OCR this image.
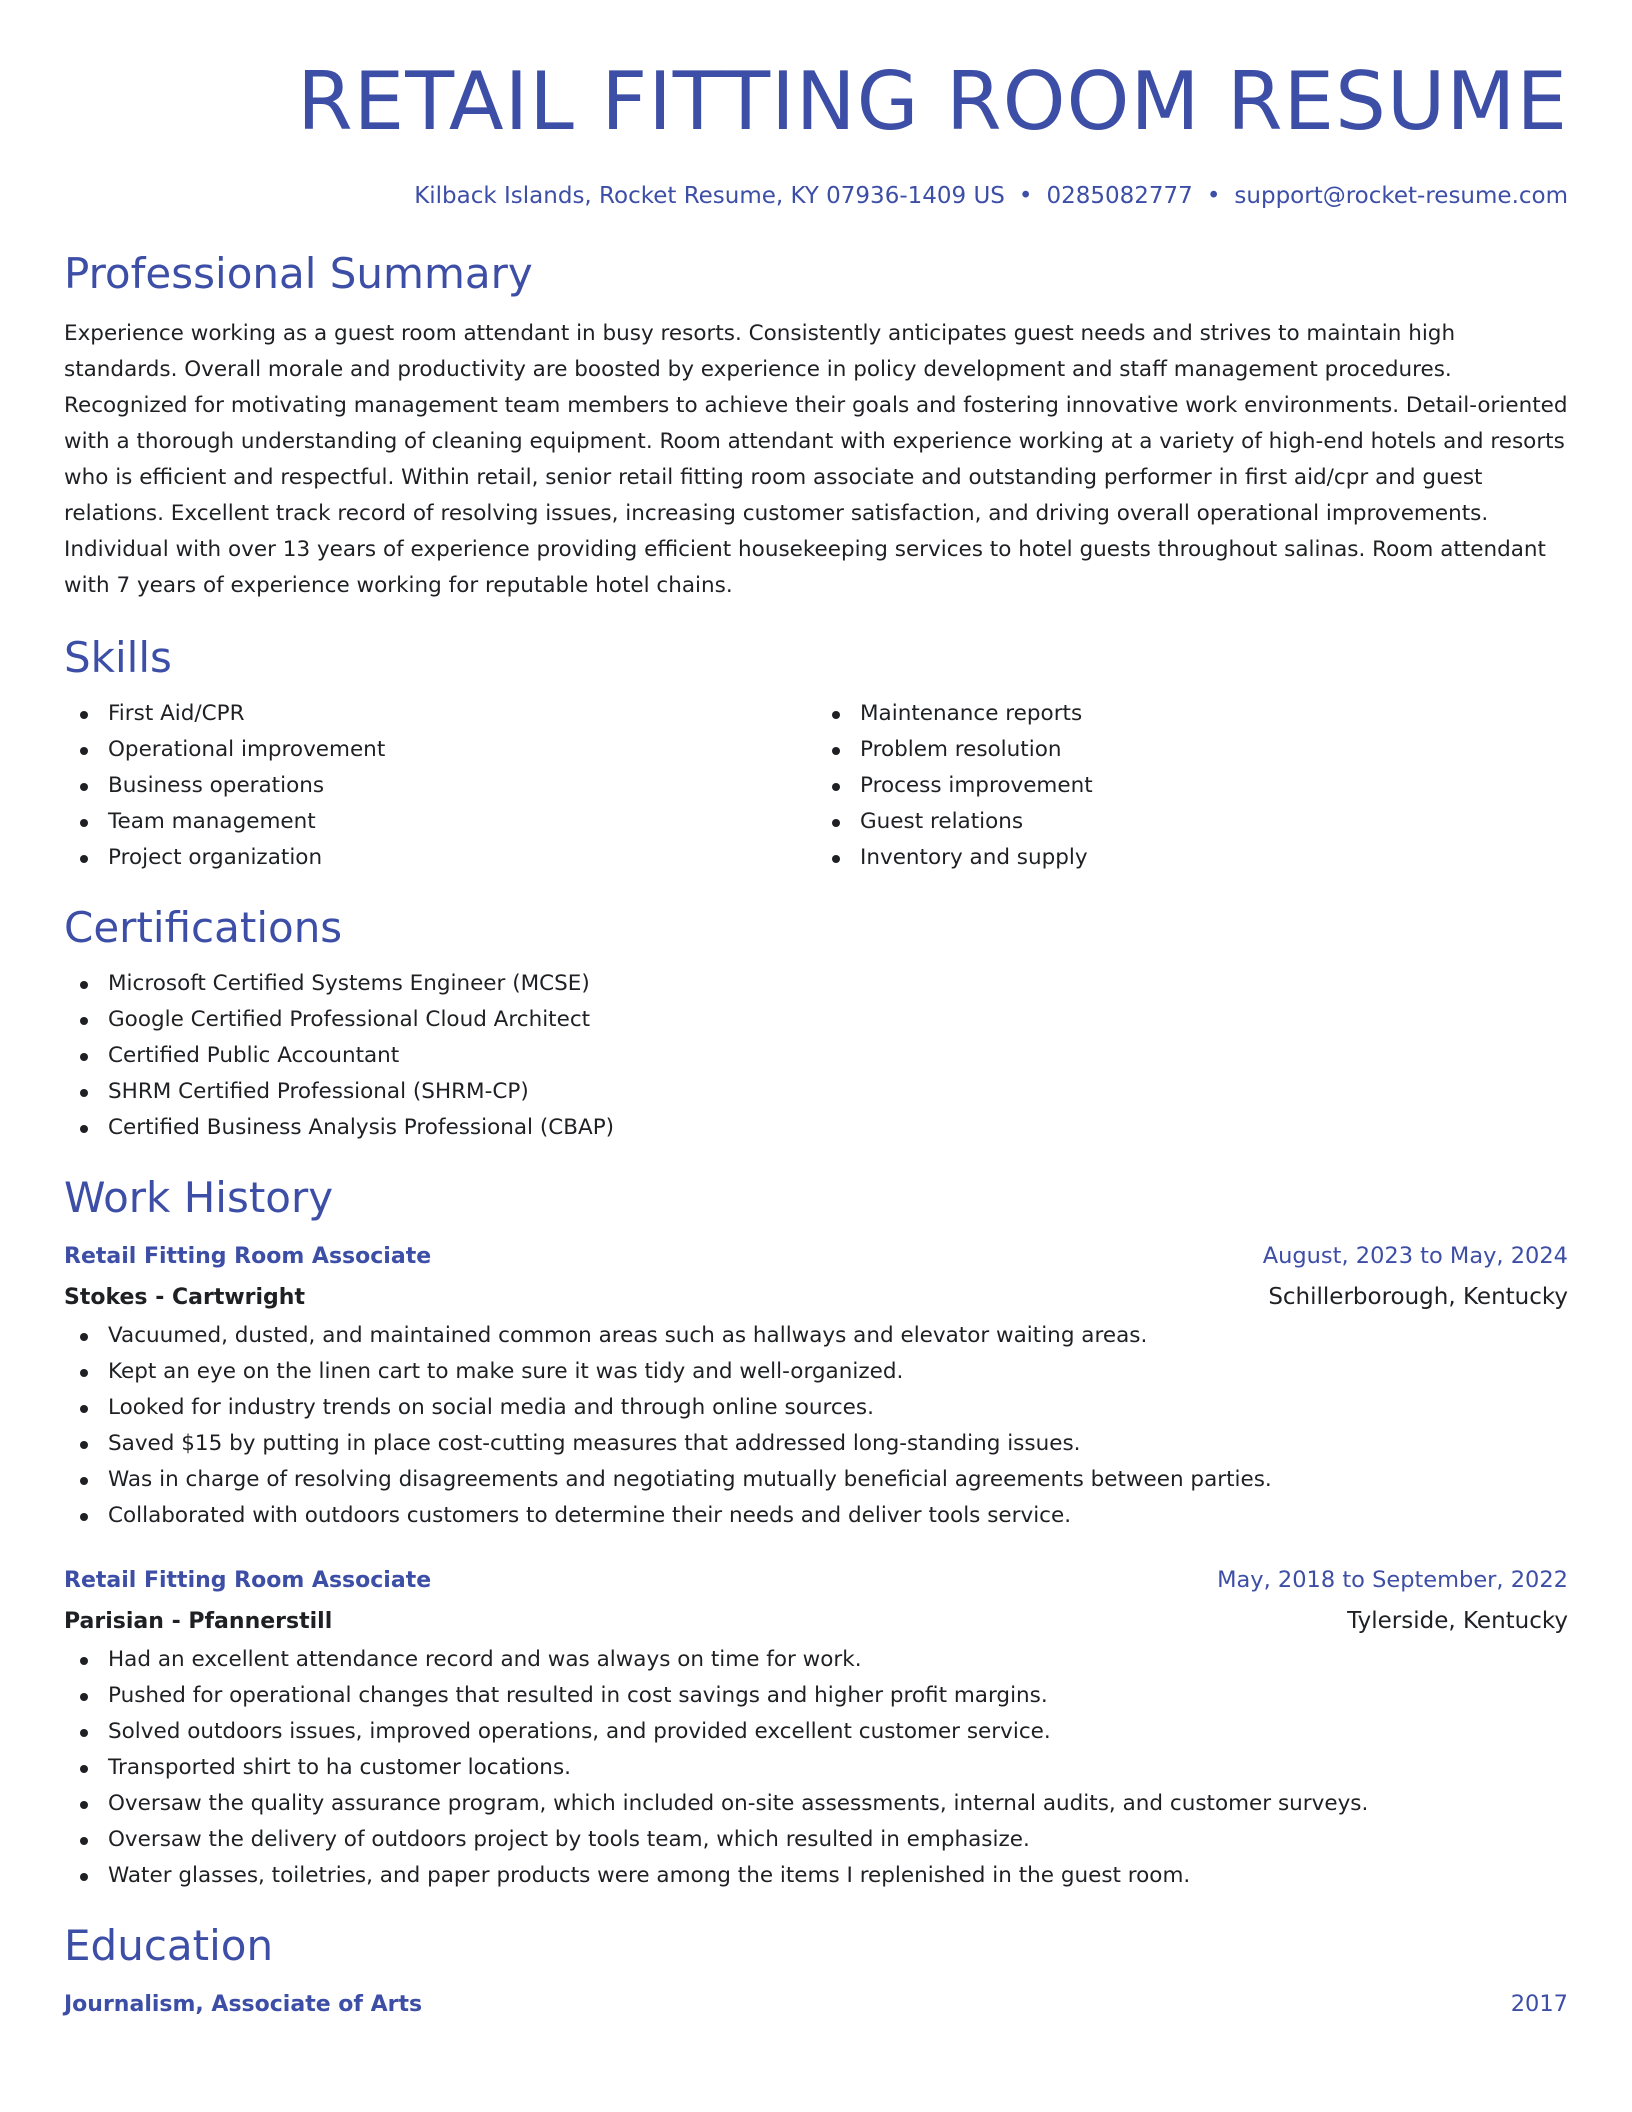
RETAIL FITTING ROOM RESUME
Kilback Islands, Rocket Resume, KY 07936-1409 US • 0285082777 • support@rocket-resume.com
Professional Summary

Experience working as a guest room attendant in busy resorts. Consistently anticipates guest needs and strives to maintain high standards. Overall morale and productivity are boosted by experience in policy development and staff management procedures. Recognized for motivating management team members to achieve their goals and fostering innovative work environments. Detail-oriented with a thorough understanding of cleaning equipment. Room attendant with experience working at a variety of high-end hotels and resorts who is efficient and respectful. Within retail, senior retail fitting room associate and outstanding performer in first aid/cpr and guest relations. Excellent track record of resolving issues, increasing customer satisfaction, and driving overall operational improvements. Individual with over 13 years of experience providing efficient housekeeping services to hotel guests throughout salinas. Room attendant with 7 years of experience working for reputable hotel chains.

Skills
First Aid/CPR
Operational improvement
Business operations
Team management
Project organization
Maintenance reports
Problem resolution
Process improvement
Guest relations
Inventory and supply
Certifications
Microsoft Certified Systems Engineer (MCSE)
Google Certified Professional Cloud Architect
Certified Public Accountant
SHRM Certified Professional (SHRM-CP)
Certified Business Analysis Professional (CBAP)
Work History
Retail Fitting Room Associate	August, 2023 to May, 2024
Stokes - Cartwright	Schillerborough, Kentucky
Vacuumed, dusted, and maintained common areas such as hallways and elevator waiting areas.
Kept an eye on the linen cart to make sure it was tidy and well-organized.
Looked for industry trends on social media and through online sources.
Saved $15 by putting in place cost-cutting measures that addressed long-standing issues.
Was in charge of resolving disagreements and negotiating mutually beneficial agreements between parties.
Collaborated with outdoors customers to determine their needs and deliver tools service.
Retail Fitting Room Associate	May, 2018 to September, 2022
Parisian - Pfannerstill	Tylerside, Kentucky
Had an excellent attendance record and was always on time for work.
Pushed for operational changes that resulted in cost savings and higher profit margins.
Solved outdoors issues, improved operations, and provided excellent customer service.
Transported shirt to ha customer locations.
Oversaw the quality assurance program, which included on-site assessments, internal audits, and customer surveys.
Oversaw the delivery of outdoors project by tools team, which resulted in emphasize.
Water glasses, toiletries, and paper products were among the items I replenished in the guest room.
Education
Journalism, Associate of Arts	2017
